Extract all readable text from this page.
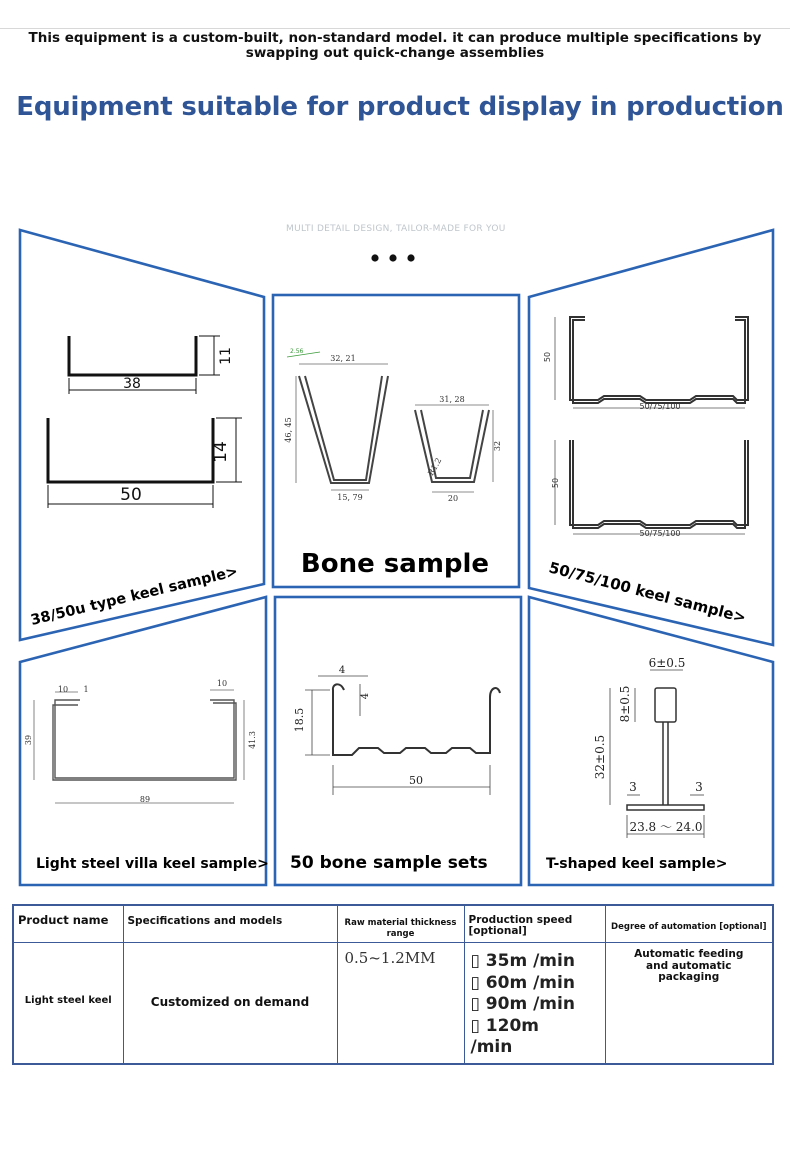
This equipment is a custom-built, non-standard model. it can produce multiple specifications by swapping out quick-change assemblies
Equipment suitable for product display in production
MULTI DETAIL DESIGN, TAILOR-MADE FOR YOU
38
11
50
14
38/50u type keel sample>
2.56
32, 21
46, 45
15, 79
31, 28
32
R1.2
20
Bone sample
50
50/75/100
50
50/75/100
50/75/100 keel sample>
10 1
10
39	41.3
89
Light steel villa keel sample>
4
4
18.5
50
50 bone sample sets
6±0.5
8±0.5
32±0.5
3	3
23.8 ～ 24.0
T-shaped keel sample>
Product name	Specifications and models	Raw material thickness range	Production speed [optional]	Degree of automation [optional]

Light steel keel	Customized on demand	0.5~1.2MM	▯ 35m /min
▯ 60m /min
▯ 90m /min
▯ 120m
/min	Automatic feeding and automatic packaging
